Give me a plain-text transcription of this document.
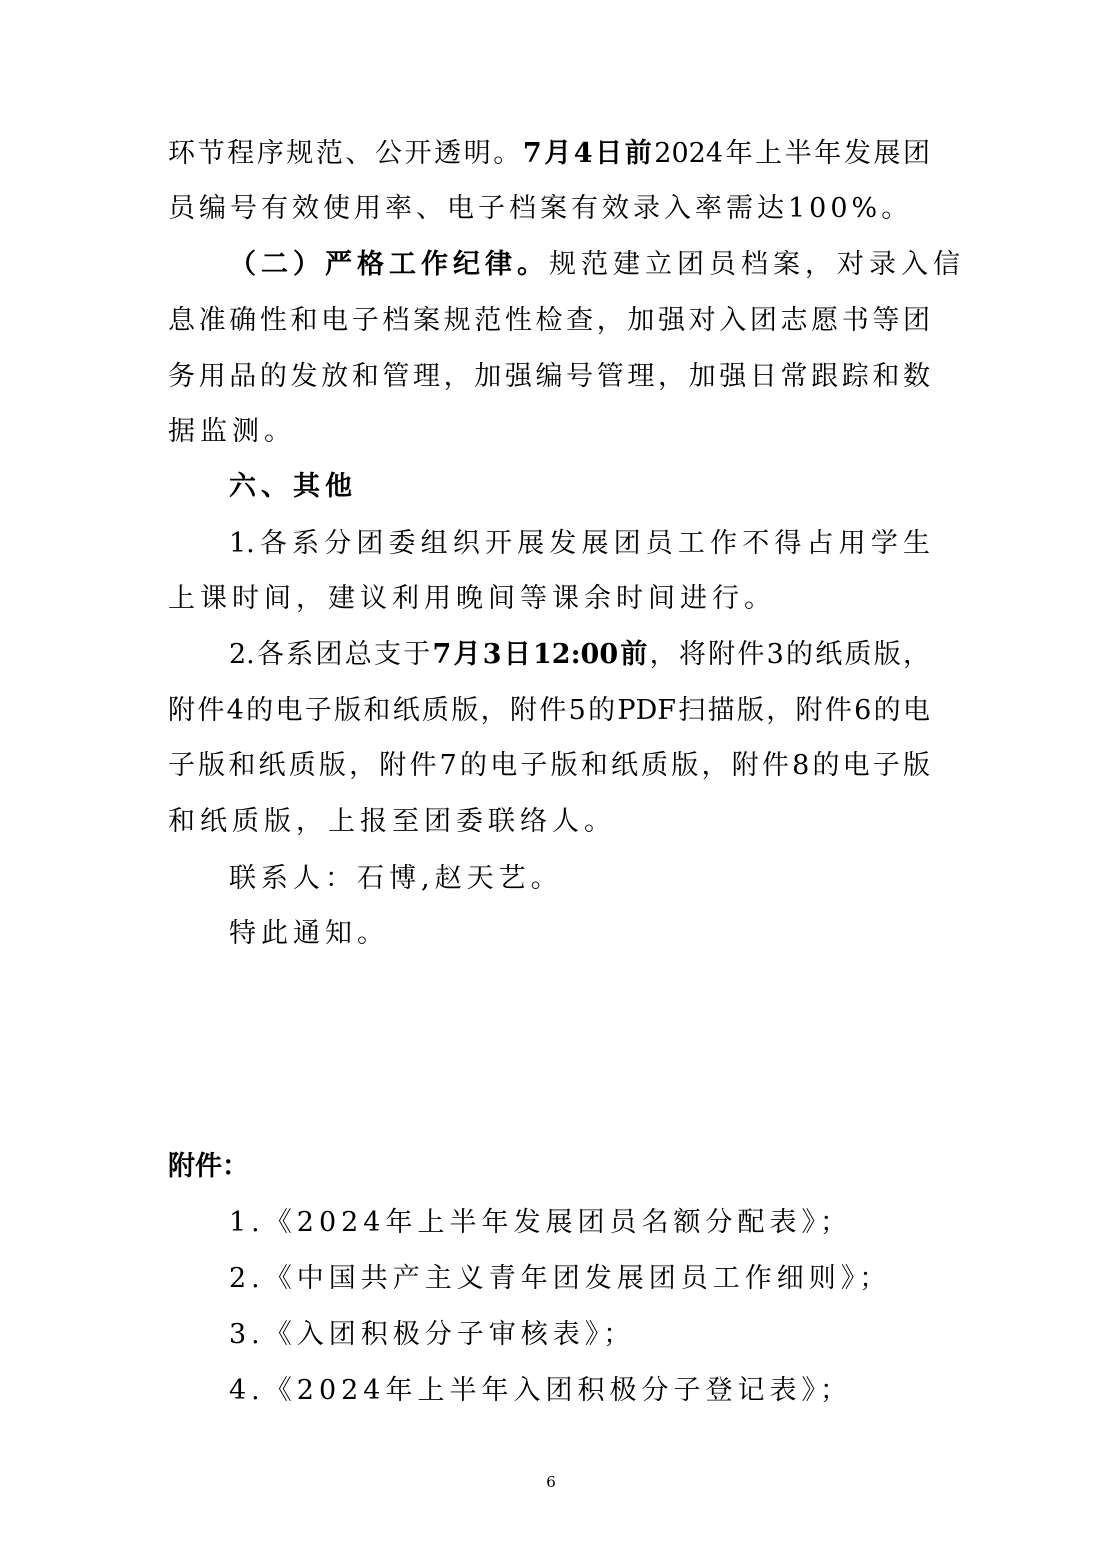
环节程序规范、公开透明。7月4日前2024年上半年发展团
员编号有效使用率、电子档案有效录入率需达100%。
（二）严格工作纪律。规范建立团员档案，对录入信
息准确性和电子档案规范性检查，加强对入团志愿书等团
务用品的发放和管理，加强编号管理，加强日常跟踪和数
据监测。
六、其他
1.各系分团委组织开展发展团员工作不得占用学生
上课时间，建议利用晚间等课余时间进行。
2.各系团总支于7月3日12:00前，将附件3的纸质版，
附件4的电子版和纸质版，附件5的PDF扫描版，附件6的电
子版和纸质版，附件7的电子版和纸质版，附件8的电子版
和纸质版，上报至团委联络人。
联系人：石博,赵天艺。
特此通知。
附件：
1.《2024年上半年发展团员名额分配表》；
2.《中国共产主义青年团发展团员工作细则》；
3.《入团积极分子审核表》；
4.《2024年上半年入团积极分子登记表》；
6
